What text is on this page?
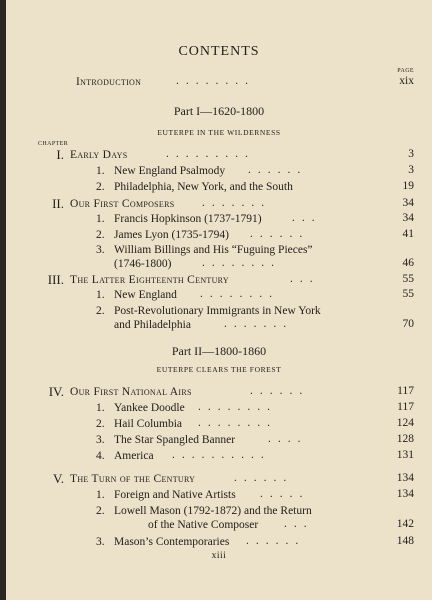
CONTENTS
PAGE
Introduction	........	xix
Part I—1620-1800
EUTERPE IN THE WILDERNESS
CHAPTER
I. Early Days	.........	3
1. New England Psalmody ......	3
2. Philadelphia, New York, and the South	19
II. Our First Composers .......	34
1. Francis Hopkinson (1737-1791)	...	34
2. James Lyon (1735-1794) ......	41
3. William Billings and His “Fuguing Pieces”
(1746-1800)	........	46
III. The Latter Eighteenth Century	...	55
1. New England ........	55
2. Post-Revolutionary Immigrants in New York
and Philadelphia	.......	70
Part II—1800-1860
EUTERPE CLEARS THE FOREST
IV. Our First National Airs	......	117
1. Yankee Doodle ........	117
2. Hail Columbia ........	124
3. The Star Spangled Banner	....	128
4. America ..........	131
V. The Turn of the Century	......	134
1. Foreign and Native Artists .....	134
2. Lowell Mason (1792-1872) and the Return
of the Native Composer ...	142
3. Mason’s Contemporaries ......	148
xiii
